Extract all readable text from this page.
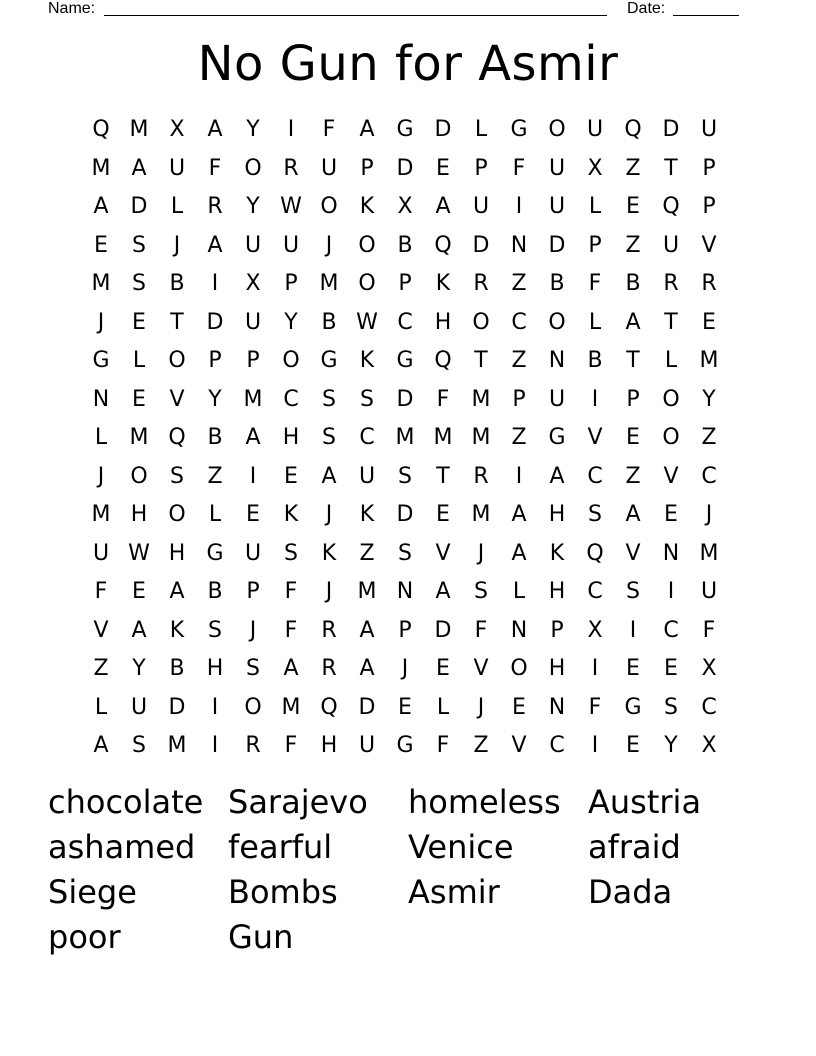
Name:	Date:
No Gun for Asmir
Q M X	A	Y	I	F	A G D	L	G O U Q D U
M A	U	F	O R	U	P	D	E	P	F	U	X	Z	T	P
A D	L	R	Y W O	K	X	A	U	I	U	L	E	Q	P
E	S	J	A	U U	J	O B Q D N D	P	Z	U	V
M S	B	I	X	P M O	P	K	R	Z	B	F	B	R	R
J	E	T	D U	Y	B W C	H O C O	L	A	T	E
G	L	O	P	P	O G	K	G Q	T	Z	N	B	T	L	M
N	E	V	Y M C	S	S	D	F	M P	U	I	P	O	Y
L	M Q B	A	H	S	C M M M Z G V	E	O Z
J	O	S	Z	I	E	A	U	S	T	R	I	A	C	Z	V	C
M H O	L	E	K	J	K	D	E M A	H	S	A	E	J
U W H G U	S	K	Z	S	V	J	A	K	Q V	N M
F	E	A	B	P	F	J	M N	A	S	L	H	C	S	I	U
V	A	K	S	J	F	R	A	P	D	F	N	P	X	I	C	F
Z	Y	B	H	S	A	R	A	J	E	V O H	I	E	E	X
L	U D	I	O M Q D	E	L	J	E	N	F	G	S	C
A	S M	I	R	F	H U G	F	Z	V	C	I	E	Y	X
chocolate Sarajevo	homeless Austria
ashamed	fearful	Venice	afraid
Siege	Bombs	Asmir	Dada
poor	Gun
